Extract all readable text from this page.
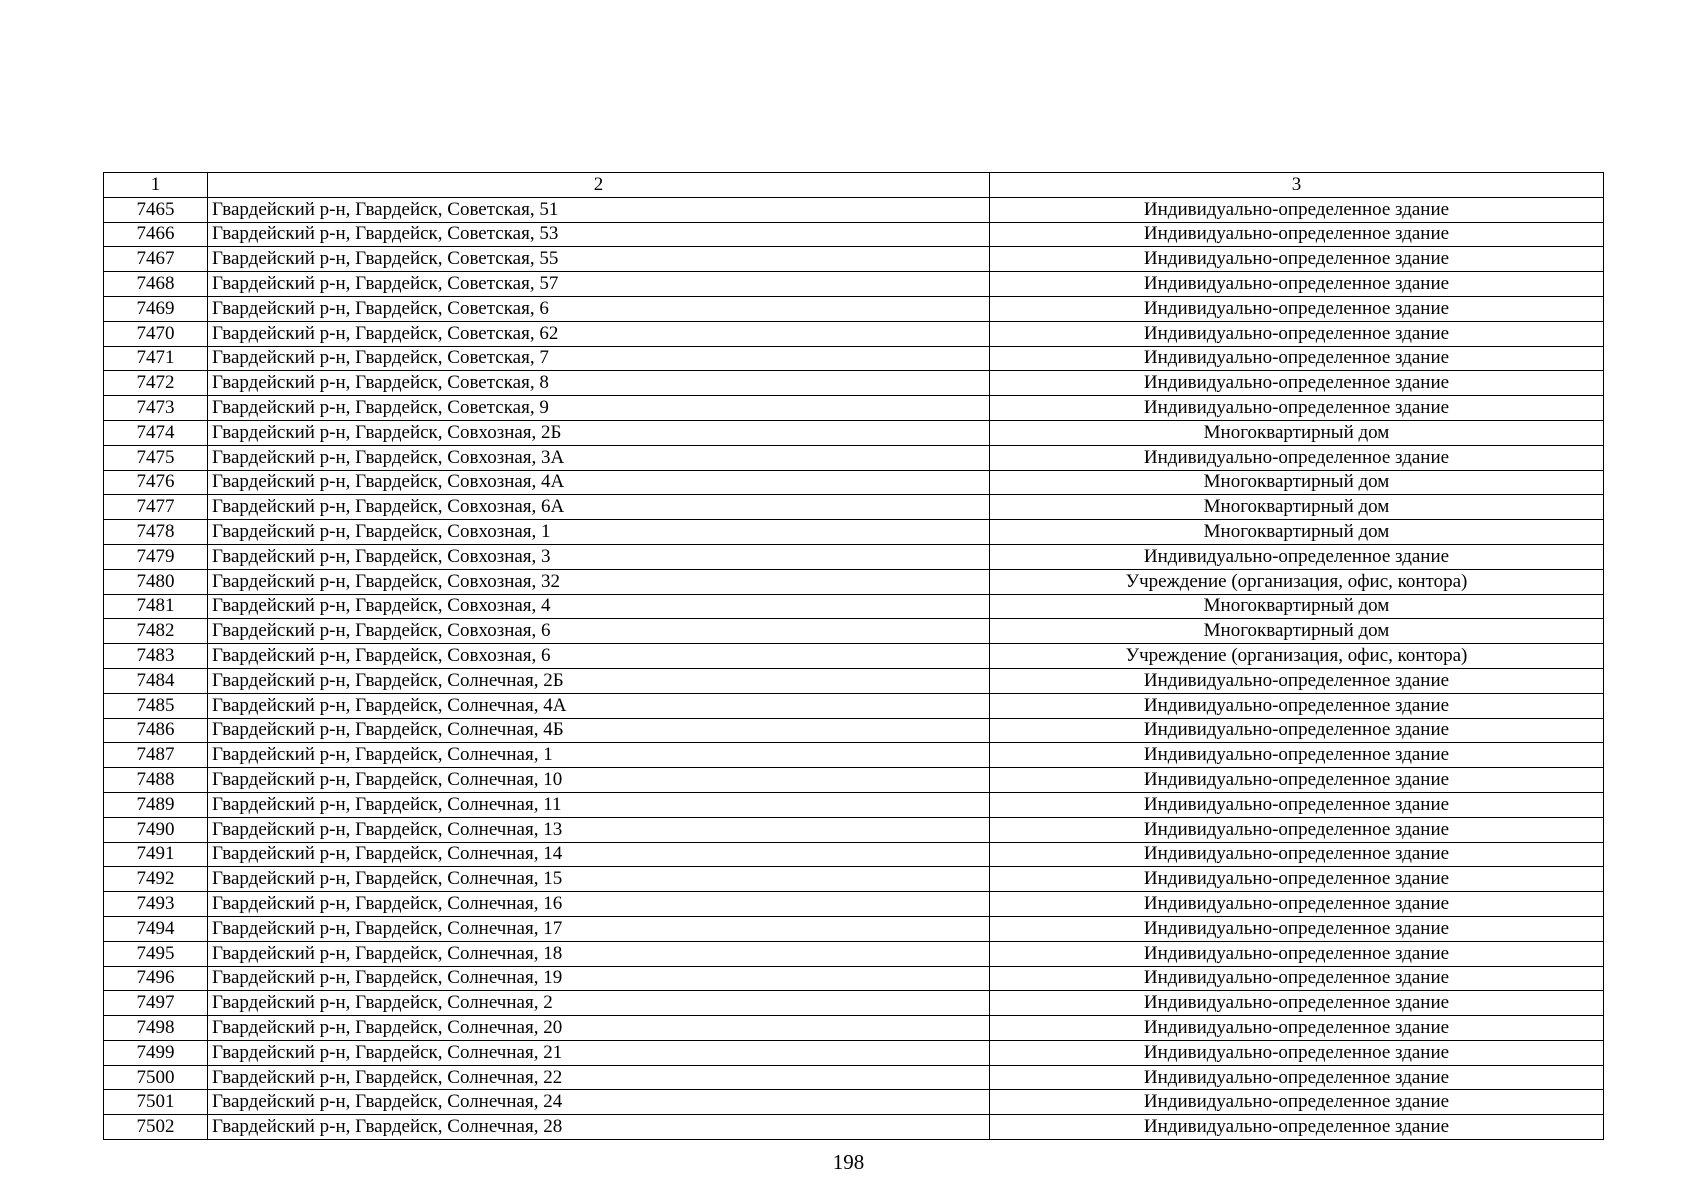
1	2	3
7465	Гвардейский р-н, Гвардейск, Советская, 51	Индивидуально-определенное здание
7466	Гвардейский р-н, Гвардейск, Советская, 53	Индивидуально-определенное здание
7467	Гвардейский р-н, Гвардейск, Советская, 55	Индивидуально-определенное здание
7468	Гвардейский р-н, Гвардейск, Советская, 57	Индивидуально-определенное здание
7469	Гвардейский р-н, Гвардейск, Советская, 6	Индивидуально-определенное здание
7470	Гвардейский р-н, Гвардейск, Советская, 62	Индивидуально-определенное здание
7471	Гвардейский р-н, Гвардейск, Советская, 7	Индивидуально-определенное здание
7472	Гвардейский р-н, Гвардейск, Советская, 8	Индивидуально-определенное здание
7473	Гвардейский р-н, Гвардейск, Советская, 9	Индивидуально-определенное здание
7474	Гвардейский р-н, Гвардейск, Совхозная, 2Б	Многоквартирный дом
7475	Гвардейский р-н, Гвардейск, Совхозная, 3А	Индивидуально-определенное здание
7476	Гвардейский р-н, Гвардейск, Совхозная, 4А	Многоквартирный дом
7477	Гвардейский р-н, Гвардейск, Совхозная, 6А	Многоквартирный дом
7478	Гвардейский р-н, Гвардейск, Совхозная, 1	Многоквартирный дом
7479	Гвардейский р-н, Гвардейск, Совхозная, 3	Индивидуально-определенное здание
7480	Гвардейский р-н, Гвардейск, Совхозная, 32	Учреждение (организация, офис, контора)
7481	Гвардейский р-н, Гвардейск, Совхозная, 4	Многоквартирный дом
7482	Гвардейский р-н, Гвардейск, Совхозная, 6	Многоквартирный дом
7483	Гвардейский р-н, Гвардейск, Совхозная, 6	Учреждение (организация, офис, контора)
7484	Гвардейский р-н, Гвардейск, Солнечная, 2Б	Индивидуально-определенное здание
7485	Гвардейский р-н, Гвардейск, Солнечная, 4А	Индивидуально-определенное здание
7486	Гвардейский р-н, Гвардейск, Солнечная, 4Б	Индивидуально-определенное здание
7487	Гвардейский р-н, Гвардейск, Солнечная, 1	Индивидуально-определенное здание
7488	Гвардейский р-н, Гвардейск, Солнечная, 10	Индивидуально-определенное здание
7489	Гвардейский р-н, Гвардейск, Солнечная, 11	Индивидуально-определенное здание
7490	Гвардейский р-н, Гвардейск, Солнечная, 13	Индивидуально-определенное здание
7491	Гвардейский р-н, Гвардейск, Солнечная, 14	Индивидуально-определенное здание
7492	Гвардейский р-н, Гвардейск, Солнечная, 15	Индивидуально-определенное здание
7493	Гвардейский р-н, Гвардейск, Солнечная, 16	Индивидуально-определенное здание
7494	Гвардейский р-н, Гвардейск, Солнечная, 17	Индивидуально-определенное здание
7495	Гвардейский р-н, Гвардейск, Солнечная, 18	Индивидуально-определенное здание
7496	Гвардейский р-н, Гвардейск, Солнечная, 19	Индивидуально-определенное здание
7497	Гвардейский р-н, Гвардейск, Солнечная, 2	Индивидуально-определенное здание
7498	Гвардейский р-н, Гвардейск, Солнечная, 20	Индивидуально-определенное здание
7499	Гвардейский р-н, Гвардейск, Солнечная, 21	Индивидуально-определенное здание
7500	Гвардейский р-н, Гвардейск, Солнечная, 22	Индивидуально-определенное здание
7501	Гвардейский р-н, Гвардейск, Солнечная, 24	Индивидуально-определенное здание
7502	Гвардейский р-н, Гвардейск, Солнечная, 28	Индивидуально-определенное здание
198
